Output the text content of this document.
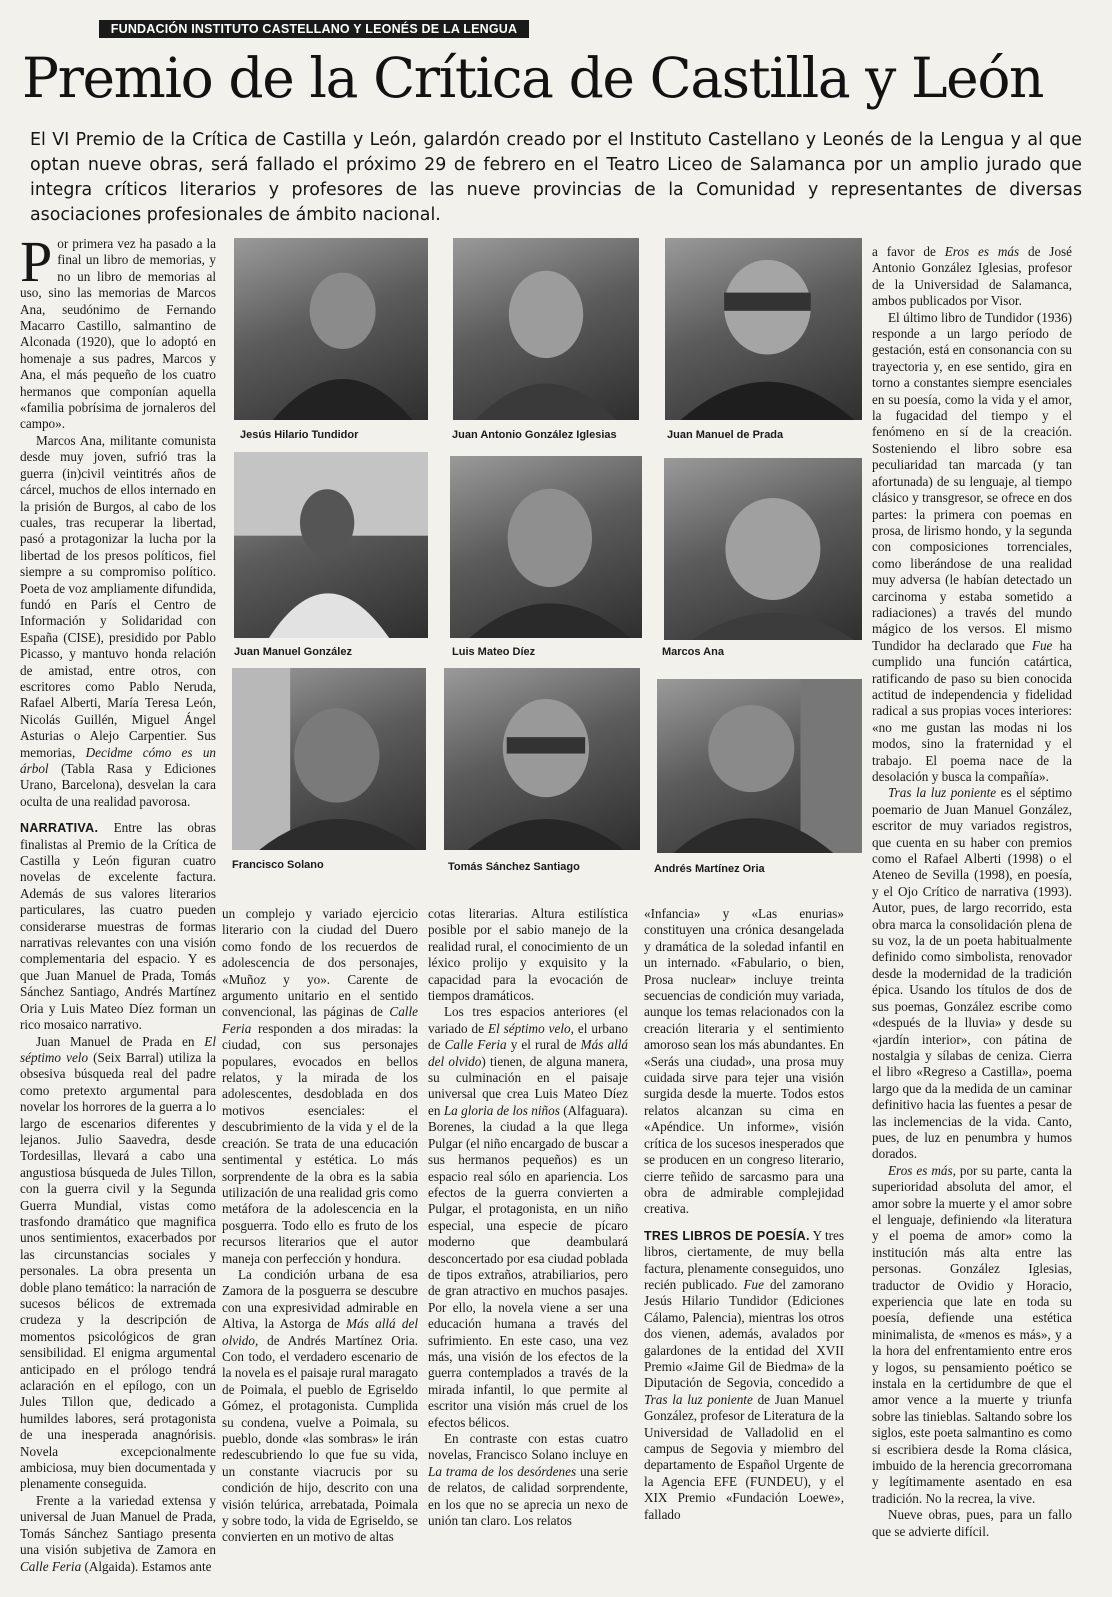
FUNDACIÓN INSTITUTO CASTELLANO Y LEONÉS DE LA LENGUA
Premio de la Crítica de Castilla y León
El VI Premio de la Crítica de Castilla y León, galardón creado por el Instituto Castellano y Leonés de la Lengua y al que optan nueve obras, será fallado el próximo 29 de febrero en el Teatro Liceo de Salamanca por un amplio jurado que integra críticos literarios y profesores de las nueve provincias de la Comunidad y representantes de diversas asociaciones profesionales de ámbito nacional.

Por primera vez ha pasado a la final un libro de memorias, y no un libro de memorias al uso, sino las memorias de Marcos Ana, seudónimo de Fernando Macarro Castillo, salmantino de Alconada (1920), que lo adoptó en homenaje a sus padres, Marcos y Ana, el más pequeño de los cuatro hermanos que componían aquella «familia pobrísima de jornaleros del campo».

Marcos Ana, militante comunista desde muy joven, sufrió tras la guerra (in)civil veintitrés años de cárcel, muchos de ellos internado en la prisión de Burgos, al cabo de los cuales, tras recuperar la libertad, pasó a protagonizar la lucha por la libertad de los presos políticos, fiel siempre a su compromiso político. Poeta de voz ampliamente difundida, fundó en París el Centro de Información y Solidaridad con España (CISE), presidido por Pablo Picasso, y mantuvo honda relación de amistad, entre otros, con escritores como Pablo Neruda, Rafael Alberti, María Teresa León, Nicolás Guillén, Miguel Ángel Asturias o Alejo Carpentier. Sus memorias, Decidme cómo es un árbol (Tabla Rasa y Ediciones Urano, Barcelona), desvelan la cara oculta de una realidad pavorosa.

NARRATIVA. Entre las obras finalistas al Premio de la Crítica de Castilla y León figuran cuatro novelas de excelente factura. Además de sus valores literarios particulares, las cuatro pueden considerarse muestras de formas narrativas relevantes con una visión complementaria del espacio. Y es que Juan Manuel de Prada, Tomás Sánchez Santiago, Andrés Martínez Oria y Luis Mateo Díez forman un rico mosaico narrativo.

Juan Manuel de Prada en El séptimo velo (Seix Barral) utiliza la obsesiva búsqueda real del padre como pretexto argumental para novelar los horrores de la guerra a lo largo de escenarios diferentes y lejanos. Julio Saavedra, desde Tordesillas, llevará a cabo una angustiosa búsqueda de Jules Tillon, con la guerra civil y la Segunda Guerra Mundial, vistas como trasfondo dramático que magnifica unos sentimientos, exacerbados por las circunstancias sociales y personales. La obra presenta un doble plano temático: la narración de sucesos bélicos de extremada crudeza y la descripción de momentos psicológicos de gran sensibilidad. El enigma argumental anticipado en el prólogo tendrá aclaración en el epílogo, con un Jules Tillon que, dedicado a humildes labores, será protagonista de una inesperada anagnórisis. Novela excepcionalmente ambiciosa, muy bien documentada y plenamente conseguida.

Frente a la variedad extensa y universal de Juan Manuel de Prada, Tomás Sánchez Santiago presenta una visión subjetiva de Zamora en Calle Feria (Algaida). Estamos ante

Jesús Hilario Tundidor	Juan Antonio González Iglesias	Juan Manuel de Prada
Juan Manuel González	Luis Mateo Díez	Marcos Ana
Francisco Solano	Tomás Sánchez Santiago	Andrés Martínez Oria

un complejo y variado ejercicio literario con la ciudad del Duero como fondo de los recuerdos de adolescencia de dos personajes, «Muñoz y yo». Carente de argumento unitario en el sentido convencional, las páginas de Calle Feria responden a dos miradas: la ciudad, con sus personajes populares, evocados en bellos relatos, y la mirada de los adolescentes, desdoblada en dos motivos esenciales: el descubrimiento de la vida y el de la creación. Se trata de una educación sentimental y estética. Lo más sorprendente de la obra es la sabia utilización de una realidad gris como metáfora de la adolescencia en la posguerra. Todo ello es fruto de los recursos literarios que el autor maneja con perfección y hondura.

La condición urbana de esa Zamora de la posguerra se descubre con una expresividad admirable en Altiva, la Astorga de Más allá del olvido, de Andrés Martínez Oria. Con todo, el verdadero escenario de la novela es el paisaje rural maragato de Poimala, el pueblo de Egriseldo Gómez, el protagonista. Cumplida su condena, vuelve a Poimala, su pueblo, donde «las sombras» le irán redescubriendo lo que fue su vida, un constante viacrucis por su condición de hijo, descrito con una visión telúrica, arrebatada, Poimala y sobre todo, la vida de Egriseldo, se convierten en un motivo de altas

cotas literarias. Altura estilística posible por el sabio manejo de la realidad rural, el conocimiento de un léxico prolijo y exquisito y la capacidad para la evocación de tiempos dramáticos.

Los tres espacios anteriores (el variado de El séptimo velo, el urbano de Calle Feria y el rural de Más allá del olvido) tienen, de alguna manera, su culminación en el paisaje universal que crea Luis Mateo Díez en La gloria de los niños (Alfaguara). Borenes, la ciudad a la que llega Pulgar (el niño encargado de buscar a sus hermanos pequeños) es un espacio real sólo en apariencia. Los efectos de la guerra convierten a Pulgar, el protagonista, en un niño especial, una especie de pícaro moderno que deambulará desconcertado por esa ciudad poblada de tipos extraños, atrabiliarios, pero de gran atractivo en muchos pasajes. Por ello, la novela viene a ser una educación humana a través del sufrimiento. En este caso, una vez más, una visión de los efectos de la guerra contemplados a través de la mirada infantil, lo que permite al escritor una visión más cruel de los efectos bélicos.

En contraste con estas cuatro novelas, Francisco Solano incluye en La trama de los desórdenes una serie de relatos, de calidad sorprendente, en los que no se aprecia un nexo de unión tan claro. Los relatos

«Infancia» y «Las enurias» constituyen una crónica desangelada y dramática de la soledad infantil en un internado. «Fabulario, o bien, Prosa nuclear» incluye treinta secuencias de condición muy variada, aunque los temas relacionados con la creación literaria y el sentimiento amoroso sean los más abundantes. En «Serás una ciudad», una prosa muy cuidada sirve para tejer una visión surgida desde la muerte. Todos estos relatos alcanzan su cima en «Apéndice. Un informe», visión crítica de los sucesos inesperados que se producen en un congreso literario, cierre teñido de sarcasmo para una obra de admirable complejidad creativa.

TRES LIBROS DE POESÍA. Y tres libros, ciertamente, de muy bella factura, plenamente conseguidos, uno recién publicado. Fue del zamorano Jesús Hilario Tundidor (Ediciones Cálamo, Palencia), mientras los otros dos vienen, además, avalados por galardones de la entidad del XVII Premio «Jaime Gil de Biedma» de la Diputación de Segovia, concedido a Tras la luz poniente de Juan Manuel González, profesor de Literatura de la Universidad de Valladolid en el campus de Segovia y miembro del departamento de Español Urgente de la Agencia EFE (FUNDEU), y el XIX Premio «Fundación Loewe», fallado

a favor de Eros es más de José Antonio González Iglesias, profesor de la Universidad de Salamanca, ambos publicados por Visor.

El último libro de Tundidor (1936) responde a un largo período de gestación, está en consonancia con su trayectoria y, en ese sentido, gira en torno a constantes siempre esenciales en su poesía, como la vida y el amor, la fugacidad del tiempo y el fenómeno en sí de la creación. Sosteniendo el libro sobre esa peculiaridad tan marcada (y tan afortunada) de su lenguaje, al tiempo clásico y transgresor, se ofrece en dos partes: la primera con poemas en prosa, de lirismo hondo, y la segunda con composiciones torrenciales, como liberándose de una realidad muy adversa (le habían detectado un carcinoma y estaba sometido a radiaciones) a través del mundo mágico de los versos. El mismo Tundidor ha declarado que Fue ha cumplido una función catártica, ratificando de paso su bien conocida actitud de independencia y fidelidad radical a sus propias voces interiores: «no me gustan las modas ni los modos, sino la fraternidad y el trabajo. El poema nace de la desolación y busca la compañía».

Tras la luz poniente es el séptimo poemario de Juan Manuel González, escritor de muy variados registros, que cuenta en su haber con premios como el Rafael Alberti (1998) o el Ateneo de Sevilla (1998), en poesía, y el Ojo Crítico de narrativa (1993). Autor, pues, de largo recorrido, esta obra marca la consolidación plena de su voz, la de un poeta habitualmente definido como simbolista, renovador desde la modernidad de la tradición épica. Usando los títulos de dos de sus poemas, González escribe como «después de la lluvia» y desde su «jardín interior», con pátina de nostalgia y sílabas de ceniza. Cierra el libro «Regreso a Castilla», poema largo que da la medida de un caminar definitivo hacia las fuentes a pesar de las inclemencias de la vida. Canto, pues, de luz en penumbra y humos dorados.

Eros es más, por su parte, canta la superioridad absoluta del amor, el amor sobre la muerte y el amor sobre el lenguaje, definiendo «la literatura y el poema de amor» como la institución más alta entre las personas. González Iglesias, traductor de Ovidio y Horacio, experiencia que late en toda su poesía, defiende una estética minimalista, de «menos es más», y a la hora del enfrentamiento entre eros y logos, su pensamiento poético se instala en la certidumbre de que el amor vence a la muerte y triunfa sobre las tinieblas. Saltando sobre los siglos, este poeta salmantino es como si escribiera desde la Roma clásica, imbuido de la herencia grecorromana y legítimamente asentado en esa tradición. No la recrea, la vive.

Nueve obras, pues, para un fallo que se advierte difícil.
